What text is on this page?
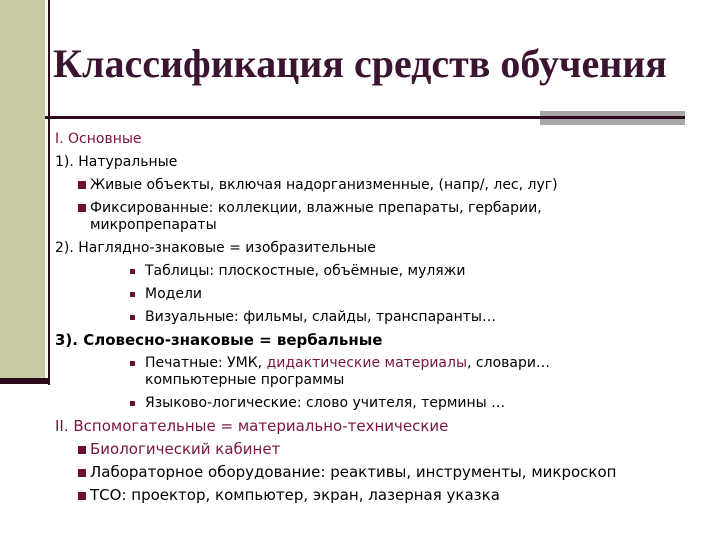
Классификация средств обучения
I. Основные
1). Натуральные
Живые объекты, включая надорганизменные, (напр/, лес, луг)
Фиксированные: коллекции, влажные препараты, гербарии,
микропрепараты
2). Наглядно-знаковые = изобразительные
Таблицы: плоскостные, объёмные, муляжи
Модели
Визуальные: фильмы, слайды, транспаранты…
3). Словесно-знаковые = вербальные
Печатные: УМК, дидактические материалы, словари…
компьютерные программы
Языково-логические: слово учителя, термины …
II. Вспомогательные = материально-технические
Биологический кабинет
Лабораторное оборудование: реактивы, инструменты, микроскоп
ТСО: проектор, компьютер, экран, лазерная указка
